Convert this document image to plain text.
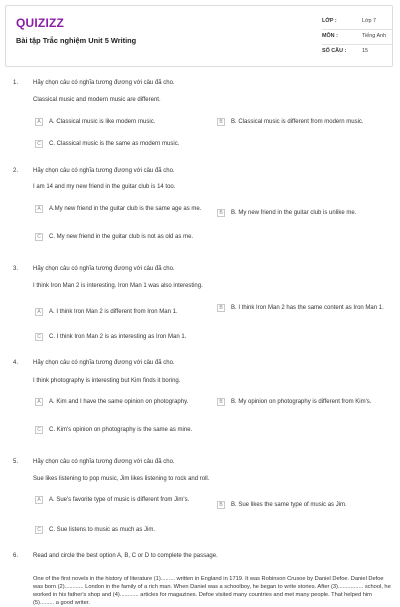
QUIZIZZ
Bài tập Trắc nghiệm Unit 5 Writing
LỚP :	Lớp 7
MÔN :	Tiếng Anh
SỐ CÂU :	15
1. Hãy chọn câu có nghĩa tương đương với câu đã cho.
Classical music and modern music are different.
A	A. Classical music is like modern music.	B	B. Classical music is different from modern music.
C	C. Classical music is the same as modern music.
2. Hãy chọn câu có nghĩa tương đương với câu đã cho.
I am 14 and my new friend in the guitar club is 14 too.
A	A.My new friend in the guitar club is the same age as me.
B	B. My new friend in the guitar club is unlike me.
C	C. My new friend in the guitar club is not as old as me.
3. Hãy chọn câu có nghĩa tương đương với câu đã cho.
I think Iron Man 2 is interesting. Iron Man 1 was also interesting.
A	A. I think Iron Man 2 is different from Iron Man 1.
B	B. I think Iron Man 2 has the same content as Iron Man 1.
C	C. I think Iron Man 2 is as interesting as Iron Man 1.
4. Hãy chọn câu có nghĩa tương đương với câu đã cho.
I think photography is interesting but Kim finds it boring.
A	A. Kim and I have the same opinion on photography.	B	B. My opinion on photography is different from Kim's.
C	C. Kim's opinion on photography is the same as mine.
5. Hãy chọn câu có nghĩa tương đương với câu đã cho.
Sue likes listening to pop music, Jim likes listening to rock and roll.
A	A. Sue's favorite type of music is different from Jim's.
B	B. Sue likes the same type of music as Jim.
C	C. Sue listens to music as much as Jim.
6. Read and circle the best option A, B, C or D to complete the passage.
One of the first novels in the history of literature (1)......... written in England in 1719. It was Robinson Crusoe by Daniel Defoe. Daniel Defoe was born (2)............ London in the family of a rich man. When Daniel was a schoolboy, he began to write stories. After (3)................ school, he worked in his father's shop and (4)............ articles for magazines. Defoe visited many countries and met many people. That helped him (5)......... a good writer.
